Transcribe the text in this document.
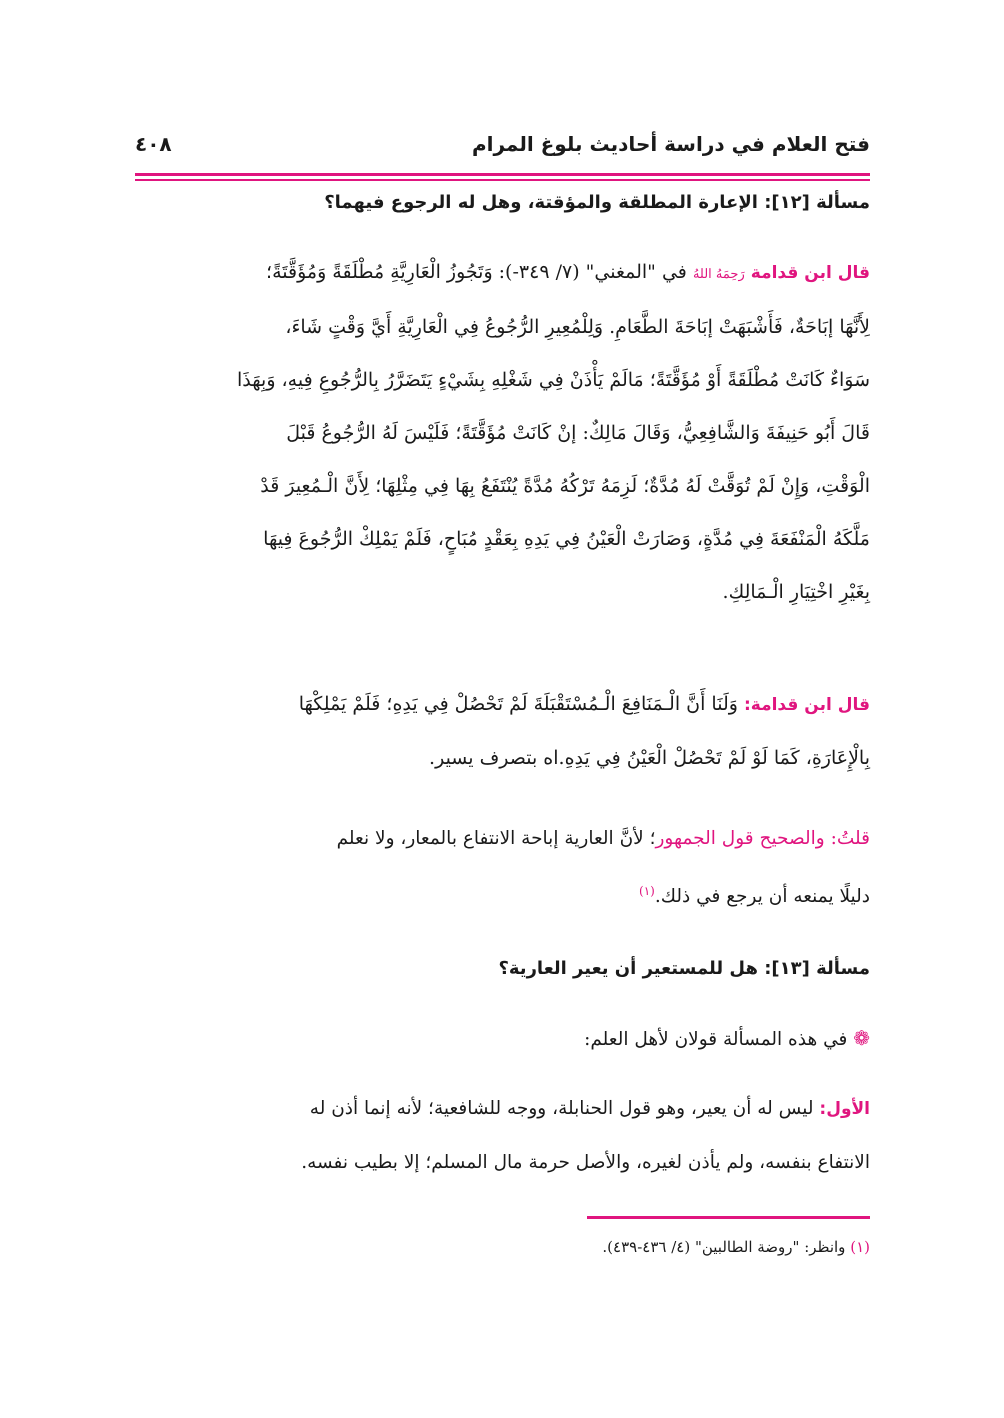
فتح العلام في دراسة أحاديث بلوغ المرام
٤٠٨
مسألة [١٢]: الإعارة المطلقة والمؤقتة، وهل له الرجوع فيهما؟
قال ابن قدامة رَحِمَهُ اللهُ في "المغني" (٧/ ٣٤٩-): وَتَجُوزُ الْعَارِيَّةِ مُطْلَقَةً وَمُؤَقَّتَةً؛
لِأَنَّهَا إبَاحَةٌ، فَأَشْبَهَتْ إبَاحَةَ الطَّعَامِ. وَلِلْمُعِيرِ الرُّجُوعُ فِي الْعَارِيَّةِ أَيَّ وَقْتٍ شَاءَ،
سَوَاءٌ كَانَتْ مُطْلَقَةً أَوْ مُؤَقَّتَةً؛ مَالَمْ يَأْذَنْ فِي شَغْلِهِ بِشَيْءٍ يَتَضَرَّرُ بِالرُّجُوعِ فِيهِ، وَبِهَذَا
قَالَ أَبُو حَنِيفَةَ وَالشَّافِعِيُّ، وَقَالَ مَالِكٌ: إنْ كَانَتْ مُؤَقَّتَةً؛ فَلَيْسَ لَهُ الرُّجُوعُ قَبْلَ
الْوَقْتِ، وَإِنْ لَمْ تُوَقَّتْ لَهُ مُدَّةٌ؛ لَزِمَهُ تَرْكُهُ مُدَّةً يُنْتَفَعُ بِهَا فِي مِثْلِهَا؛ لِأَنَّ الْـمُعِيرَ قَدْ
مَلَّكَهُ الْمَنْفَعَةَ فِي مُدَّةٍ، وَصَارَتْ الْعَيْنُ فِي يَدِهِ بِعَقْدٍ مُبَاحٍ، فَلَمْ يَمْلِكْ الرُّجُوعَ فِيهَا
بِغَيْرِ اخْتِيَارِ الْـمَالِكِ.
قال ابن قدامة: وَلَنَا أَنَّ الْـمَنَافِعَ الْـمُسْتَقْبَلَةَ لَمْ تَحْصُلْ فِي يَدِهِ؛ فَلَمْ يَمْلِكْهَا
بِالْإِعَارَةِ، كَمَا لَوْ لَمْ تَحْصُلْ الْعَيْنُ فِي يَدِهِ.اه بتصرف يسير.
قلتُ: والصحيح قول الجمهور؛ لأنَّ العارية إباحة الانتفاع بالمعار، ولا نعلم
دليلًا يمنعه أن يرجع في ذلك.$^{(١)}$
مسألة [١٣]: هل للمستعير أن يعير العارية؟
❁ في هذه المسألة قولان لأهل العلم:
الأول: ليس له أن يعير، وهو قول الحنابلة، ووجه للشافعية؛ لأنه إنما أذن له
الانتفاع بنفسه، ولم يأذن لغيره، والأصل حرمة مال المسلم؛ إلا بطيب نفسه.
(١) وانظر: "روضة الطالبين" (٤/ ٤٣٦-٤٣٩).
